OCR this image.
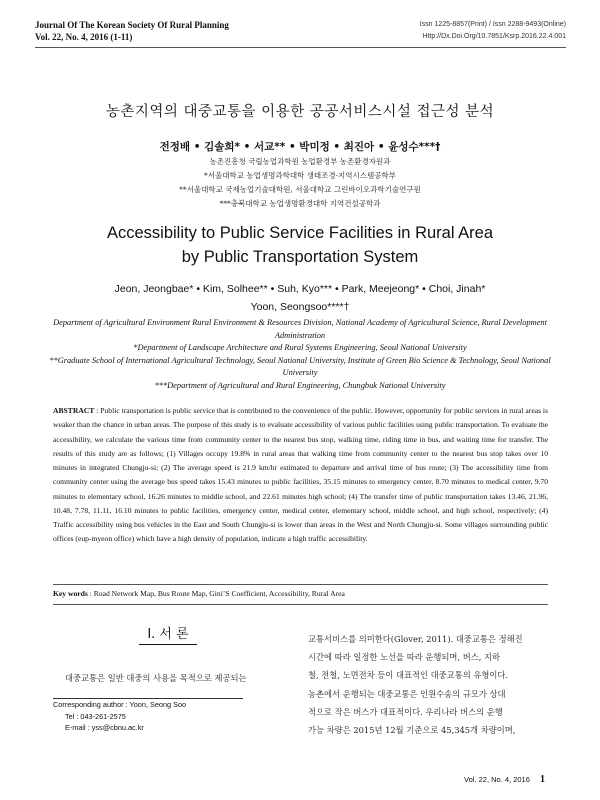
Journal Of The Korean Society Of Rural Planning
Vol. 22, No. 4, 2016 (1-11)
Issn 1225-8857(Print) / Issn 2288-9493(Online)
Http://Dx.Doi.Org/10.7851/Ksrp.2016.22.4.001
농촌지역의 대중교통을 이용한 공공서비스시설 접근성 분석
전정배 • 김솔희* • 서교** • 박미정 • 최진아 • 윤성수***†
농촌진흥청 국립농업과학원 농업환경부 농촌환경자원과
*서울대학교 농업생명과학대학 생태조경·지역시스템공학부
**서울대학교 국제농업기술대학원, 서울대학교 그린바이오과학기술연구원
***충북대학교 농업생명환경대학 지역건설공학과
Accessibility to Public Service Facilities in Rural Area
by Public Transportation System
Jeon, Jeongbae* • Kim, Solhee** • Suh, Kyo*** • Park, Meejeong* • Choi, Jinah*
Yoon, Seongsoo****†
Department of Agricultural Environment Rural Environment & Resources Division, National Academy of Agricultural Science, Rural Development Administration
*Department of Landscape Architecture and Rural Systems Engineering, Seoul National University
**Graduate School of International Agricultural Technology, Seoul National University, Institute of Green Bio Science & Technology, Seoul National University
***Department of Agricultural and Rural Engineering, Chungbuk National University
ABSTRACT : Public transportation is public service that is contributed to the convenience of the public. However, opportunity for public services in rural areas is weaker than the chance in urban areas. The purpose of this study is to evaluate accessibility of various public facilities using public transportation. To evaluate the accessibility, we calculate the various time from community center to the nearest bus stop, walking time, riding time in bus, and waiting time for transfer. The results of this study are as follows; (1) Villages occupy 19.8% in rural areas that walking time from community center to the nearest bus stop takes over 10 minutes in integrated Chungju-si; (2) The average speed is 21.9 km/hr estimated to departure and arrival time of bus route; (3) The accessibility time from community center using the average bus speed takes 15.43 minutes to public facilities, 35.15 minutes to emergency center, 8.70 minutes to medical center, 9.70 minutes to elementary school, 16.26 minutes to middle school, and 22.61 minutes high school; (4) The transfer time of public transportation takes 13.46, 21.96, 10.48, 7.78, 11.11, 16.10 minutes to public facilities, emergency center, medical center, elementary school, middle school, and high school, respectively; (4) Traffic accessibility using bus vehicles in the East and South Chungju-si is lower than areas in the West and North Chungju-si. Some villages surrounding public offices (eup-myeon office) which have a high density of population, indicate a high traffic accessibility.
Key words : Road Network Map, Bus Route Map, Gini’S Coefficient, Accessibility, Rural Area
I. 서 론
대중교통은 일반 대중의 사용을 목적으로 제공되는
Corresponding author : Yoon, Seong Soo
Tel : 043-261-2575
E-mail : yss@cbnu.ac.kr
교통서비스를 의미한다(Glover, 2011). 대중교통은 정해진
시간에 따라 일정한 노선을 따라 운행되며, 버스, 지하
철, 전철, 노면전차 등이 대표적인 대중교통의 유형이다.
농촌에서 운행되는 대중교통은 인원수송의 규모가 상대
적으로 작은 버스가 대표적이다. 우리나라 버스의 운행
가능 차량은 2015년 12월 기준으로 45,345개 차량이며,
Vol. 22, No. 4, 2016 1
